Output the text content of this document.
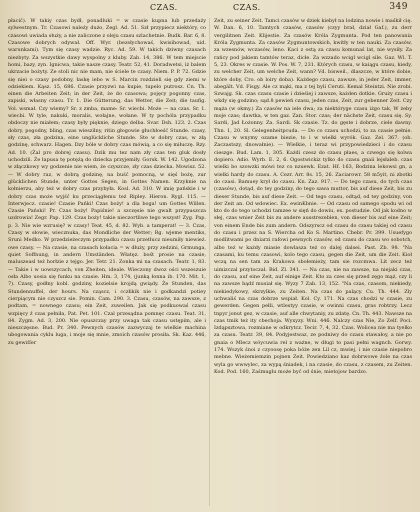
CZAS.	CZAS.	349

płacić). W takiy czas bydł, ponadluki = w czasie kupna lub przedaży sylwestnym. Tr. Czasowi należy dużo, Zegl. Ad. 51. Szł przypiecz niektóry, co czasowi uwiada służy, a nie zaliczone z oleju czasu szlachetnie. Budk. Bar. 6, 8. Czasowe dobrych odywał. Off. Wyr. (bezsłychowaś, kwisihowad, uid. warunkami). Tym się czasy wadzie. Ryc. Ad. 59. W takich dziwny czasach niezbyty. Za wszystkie dawy wyspolny z kluby. Zab. 14, 386. W tem miejscie homi, bazy, zyn. Ignicwa, takie nasze czasy. Teatr. 52, 41. Doradwetsi, iż balem ukrzacie bożyty. Ze stoli nic nie mam, nie ściele te czasy. Niem. P. P. 72. Gdzie się niei o czasy podobny, łaskę iebo w S. Marcin rozdzieli się gdy ziemi w odziekiem. Kąsz. 15, 686. Czasie przyzwi na kupie, tupelo putrosz. Cn. Th. einen die Arbeiten Zeit; in der Zeit, że do czasowa; pojęcy pogonny czas, zapiski, własny czasu. Tr. 1. Die Gütterung, das Wetter, die Zeit; die taufig. Vol. wsmał. Czy wiemy? Sr. z zmba, mame: Sr. wiecbi. Może — na czas. Sr. 1. wiecbi. W tyle, nakuki, moralis, wołajne, wołane. W ty pochóla przypadku obdoczy nie miałem; czasy były pięknie, dziego delba. Svar. Dsh. 123. 2. Czas dobry, pogodny, bling, czas wieszilny, ritin głogowie głuchłoeść Stunde. czasy, sły czas, zła godzina, eine unglückliche Stunde. Ste w dobry czas, w złą godzinę, schwarz. Hagen. Dzy bóle w dobry czas mówią, a co się miłuczę. Rzy. Ad. 10. (Żal pro dobrej czasu). Dzik mu tez nam zły czas ten gluk dosły uchodzili. Że łapusa tę potężą do dziecka przyjemiły. Gorsk. W. 142. Ugodzona w złączkowy wy godzenie nie wiem, że czyszcze, zły czas dziecka. Mowisz. 52. — W dobry raz, w dobrą godzinę, na buść pomocną, w sięś bożę, zur glücklichen Stunde, unter Gottes Segen, in Gottes Namen. Krzyknie na kołnierzu, aby też w dobry czas przybyła. Kosl. Ad. 310. W imię pańskie i w dobry czas może wyjść ku przeciągłemu też Ripley. Hieron. Rygl. 115. — Interwjecz. czasie! Czasie Pańki! Czas boży! a dla boga! um Gottes Willen. Czasie Pański! Pr. Czas boży! Papiśnie! a szczęsie nie gwalt przypuszcza uzdrowia! Zegr. Pap. 129. Czas boży! takie nieczortliwe tego wszyst! Zyg. Pap. p. 3. Nie wie wzrusię? w czasy! Teat. 45, d. 82. Wyb. a tamperat! — 3. Czas, Czasy w słowie, wiecznuka, das Mondliche der Wetter; Rg. wjeme mentiks, Sruni Medko. W przedzieżeczym przypadku czasu przetłucz nieumiły niewież. owe czasy. — Na czasie, na czasach kołacia = w dłuży, przy zedzini, Grmunga, quiet Soffnung, in andern Umständen. Włatęz. bośt prosie na czasie, maluszeasl też horłzie z tejgo. Jer. Tetr. 21. Zonka mi na czasach. Teatr. 1, 83. — Takie i w uowszycach, von Zheiten, ideale. Wieczony dwoz ości wszeszuie osła Albo uosia się funku na czasie. Hm. 3, 174, (junką łonna ib. 170. Mit. 1, 7). Czasy, godłny kobl. godziny, kozielsie krojdą gwiądy. Że Stunden, das Stundennuffel, der hours. Na cząscz, i cczłikik nie i godkandzi potiey cierpiącym nie czyszcz sie. Pomin. Cam. 290. 3. Czasu, czasów, na zawsze, z podtam, = nownego czasu; ein Zeit, zuweilen. Jak się podkuowaś czasu wzpięcy ź czas pełniła, Pat. Pet. 101. Czal przesądna pomnęc czasu. Teat. 31, 84. Zygm. Ad. 3, 200. Nie opuszczay przy uwaga tak czasu ustępim, ale i nieszczęsne. Bud. Pr. 340. Pewnych czasów zazwyczaj te wielkie machina ubogowania cyklu luga, i moje się mnie, zmoich czasów prosiła. Sk. Kaz. 446, zu gewiſſer

Zeit, zu seiner Zeit. Tamci czasów w dziek kiebył na lodzina nowie i maśkił cię. W. Dan. 6, 10. Tamtych czasów, czasów (czyy brał, dział Gaf.), zu derr vergilitnen Zeit. Klijestie. Za czasów Króla Zygmunta. Pod ten panowania Króla Zygmunta. Za czasów Zygmuntowskich, kwitły w ten nauki. Za czasów, za wzesnów, wczasów, leno. Kaci z ostą za czasu komunaś lat, nie wysiły. Za rańcy pod jakiem tamtów teraz, dicłe. Za wzzado wcigl wcigl sile. Gaz. Wl. T. 5, 23. Okres w czasie. W. Pos. W. 7, 231. Których czasu, w kaiągu czasu, kiedy, zu welcher Zeit, um welche Zeit, wann? Vd. bisweil., dlaszcze, w które dobie, które doby, Cro. ob loiry doba). Każdego czasu, zawsze, in jeder Zeit, immer, abegält. Vd. Fisgy. Ale cz mąki, ma z tej byli Ceruti. Kemal Steintzi. Nie zrobi. Szwajg. Sk. czas czasu czasie i dzieśiej i zawsze, każden dotkie. Gruży czasu i wkdy się godzino; sąd.8 pewień czasu, jeden czas, Zeit, zur gebenner Zeit. Czy mąża (w okmy.) Za czasów na iele dwa; za niektóryge czasu iżgo tak, W żeby moje czas; dawtka, w ten gaz. Zan. Stor. czas; der nächste Zeit, czasu się. Sy. Sardi, Jad Łożonny. Za. Sardi. Sk czasie. Tz. do gęste i dobrze, ciele dawny. Thn. 1, 20. Sl. Gelegenheitpcuda. — Do co czasu uchodzi, to za czasie pełnie. Czasu w wnymy ozame biezie, to i w wielki wyrók. Gaz. Zel. 367. (ob. Zaczastszy, dnowałnie). — Wielkie, i teraz wi przypowiedzieci i do czasu cieszge. Bud. Lam. 1, 305. Każdi czesz do czasu płaes, a czwego się kolwa dopiero. Adio. Wyrb. E. 2, 6. Ogostwickiz tylko do czasu gnaii lejsłaleb. czas wielki bo szowzki mówi tez co nzuewk. Ezat. Hf. 163, Bodzina lekowsi gn, a wielki hardy do czasu. A. Cezr. Arr. 8s. 15, 26. Zaciarowr. 58 m5yit, ni zbotki do czasi. Bamuey krył do czasu. Kn. Zaz. 917. — Do tego czasu, do tych czas (czasów), dotąd, do tey godziny, do tego sawa muttor, bis auf diese Zeit, bis zu dieser Stunde, bis auf diese Zeit. — Od tego czasu, odtąd, od tey godziny, von der Zeit an. Od wdowiec. Ex. ewinKbnie. — Od czasu od samego spodu wi od kto do do tego uchodzi tamzee w sięń do dowiu, ex. postudzie. Od jak kodno w słej, czas wnier Zeit bis zu andere ausstrezeblen, von dieser bis auf eine Zeit; von einem Ende bis zum andern. Odszyrscz od czasu do czasu takiej od czasu do czasu i przez na S. Wiercha od Ko S. Martino. Chebr. Pr. 399. Usuefygo modlitwami po dniarzi rafowi pewnych czasów, od czasu do czasu wo sobotch, albo też w każdy miasie dowlasza też co dalej dalsei. Past. Zb. 98. "Na czasami, ku temu czasowi, kolo tego czasu, gegen die Zeit, um die Zeit. Kioł wczą na sen tam za Krakowa sbołemieży, tam sie rozcmwa. Lit zecz też uimizczal przytoczał. Bid. Zl. 341. — Na czas, nie na zawsze, na niejaki czas, do czasu, auf eine Zeit, auf einige Zeit. Kto za czes się przed zęgo mąż, czy li na zawsze bądź musiał się. Wyzy 7 Zab. 13, 152. "Na czas, czasom, niekiedy, niekiedykowy, skrzylkie, zu Zeiten. Na czas do palący. Cu. Th. 444. Zly uchwaliś na czas dobrze wspiał. Kol. Cy. 171. Na czas chodzi w czasie, zu gewerden. Gegen pełli, wtlestyy czasie, w owinni czasu, gras robtrzy. Lecz tnpyr jonut gez, w czasie, auf alle chwytaniy, zu zdatę. Cn. Th. 443. Nawsze na czas tmik też ity cbechoja. Wyxyzy. Wni. 446. Nalczy czas Nie, Zo Zelf. Poci. Izdąpsztowa, rozmiane w odkrytcz. Tecir. 7, 4, 32. Czas. Wolicea nie ma tyelko za czasu. Teatr. 39, 84. Podyjestwaz, ze podniwy do czasu stawałoy, a nie po gnaia o Mlecz wóycuwia rel z ważne, w długi to pasi pełni wagnch. Gorwy. 174. Wszyk śnoi z czyoosę poka bóże zen Lil cz, mwiej, i nie czasie niepobro mebne. Wieżemiemzin pojnen Zeit. Powiedziano kaz dobrwowe źole na czas wyla go wwwylec, za wypą śniadek, i na czasie, do czasu, z czasem, zu Zeiten. Kod. Pod. 160, Zaśmuglu może być od śnie, mietojow bardzo.
